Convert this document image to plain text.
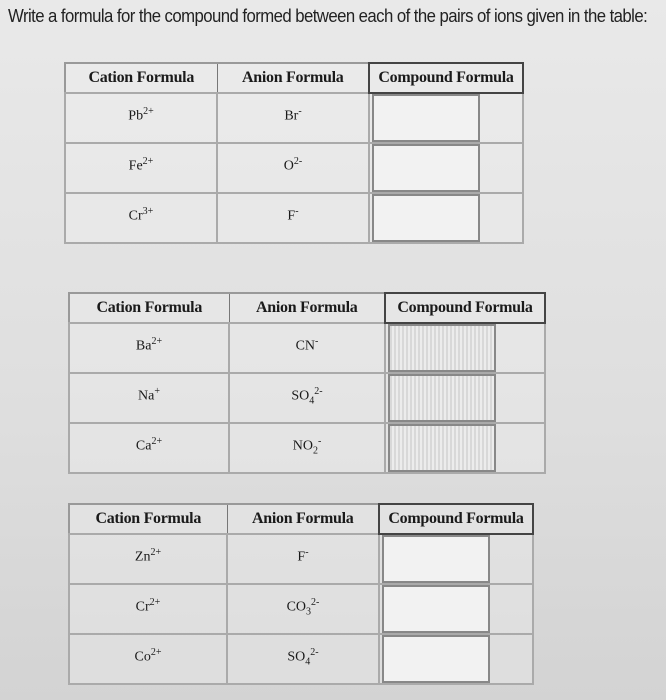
Write a formula for the compound formed between each of the pairs of ions given in the table:
Cation Formula	Anion Formula	Compound Formula
$Pb^{2+}$	Br-	

$Fe^{2+}$	$O^{2-}$	

$Cr^{3+}$	F-	
Cation Formula	Anion Formula	Compound Formula
$Ba^{2+}$	CN-	

Na+	$SO_4^{2-}$	

$Ca^{2+}$	$NO_2^-$	
Cation Formula	Anion Formula	Compound Formula
$Zn^{2+}$	F-	

$Cr^{2+}$	$CO_3^{2-}$	

$Co^{2+}$	$SO_4^{2-}$	
